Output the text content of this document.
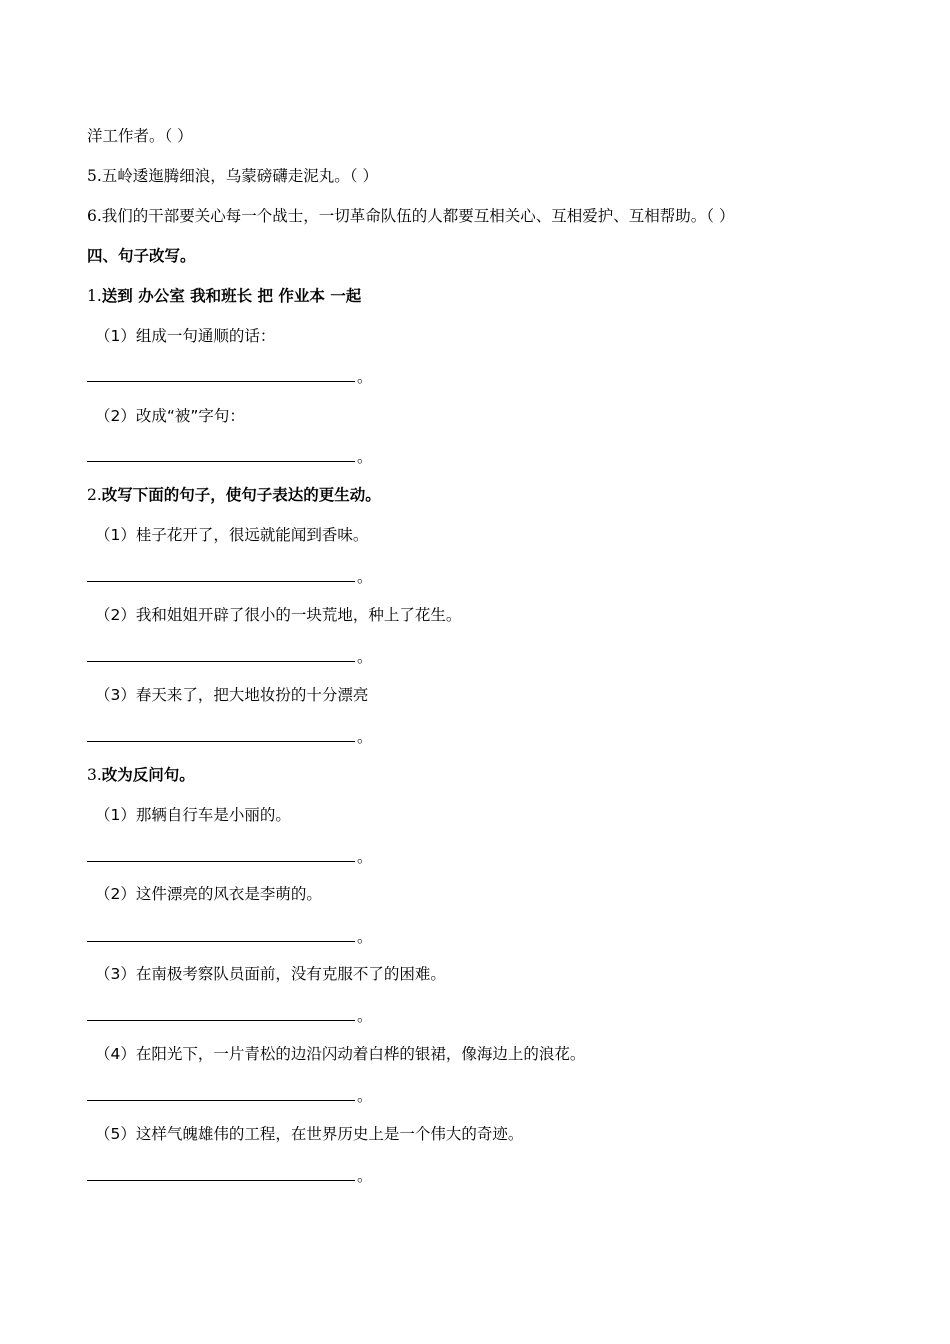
洋工作者。（ ）
5.五岭逶迤腾细浪，乌蒙磅礴走泥丸。（ ）
6.我们的干部要关心每一个战士，一切革命队伍的人都要互相关心、互相爱护、互相帮助。（ ）
四、句子改写。
1.送到 办公室 我和班长 把 作业本 一起
（1）组成一句通顺的话：
。
（2）改成“被”字句：
。
2.改写下面的句子，使句子表达的更生动。
（1）桂子花开了，很远就能闻到香味。
。
（2）我和姐姐开辟了很小的一块荒地，种上了花生。
。
（3）春天来了，把大地妆扮的十分漂亮
。
3.改为反问句。
（1）那辆自行车是小丽的。
。
（2）这件漂亮的风衣是李萌的。
。
（3）在南极考察队员面前，没有克服不了的困难。
。
（4）在阳光下，一片青松的边沿闪动着白桦的银裙，像海边上的浪花。
。
（5）这样气魄雄伟的工程，在世界历史上是一个伟大的奇迹。
。
